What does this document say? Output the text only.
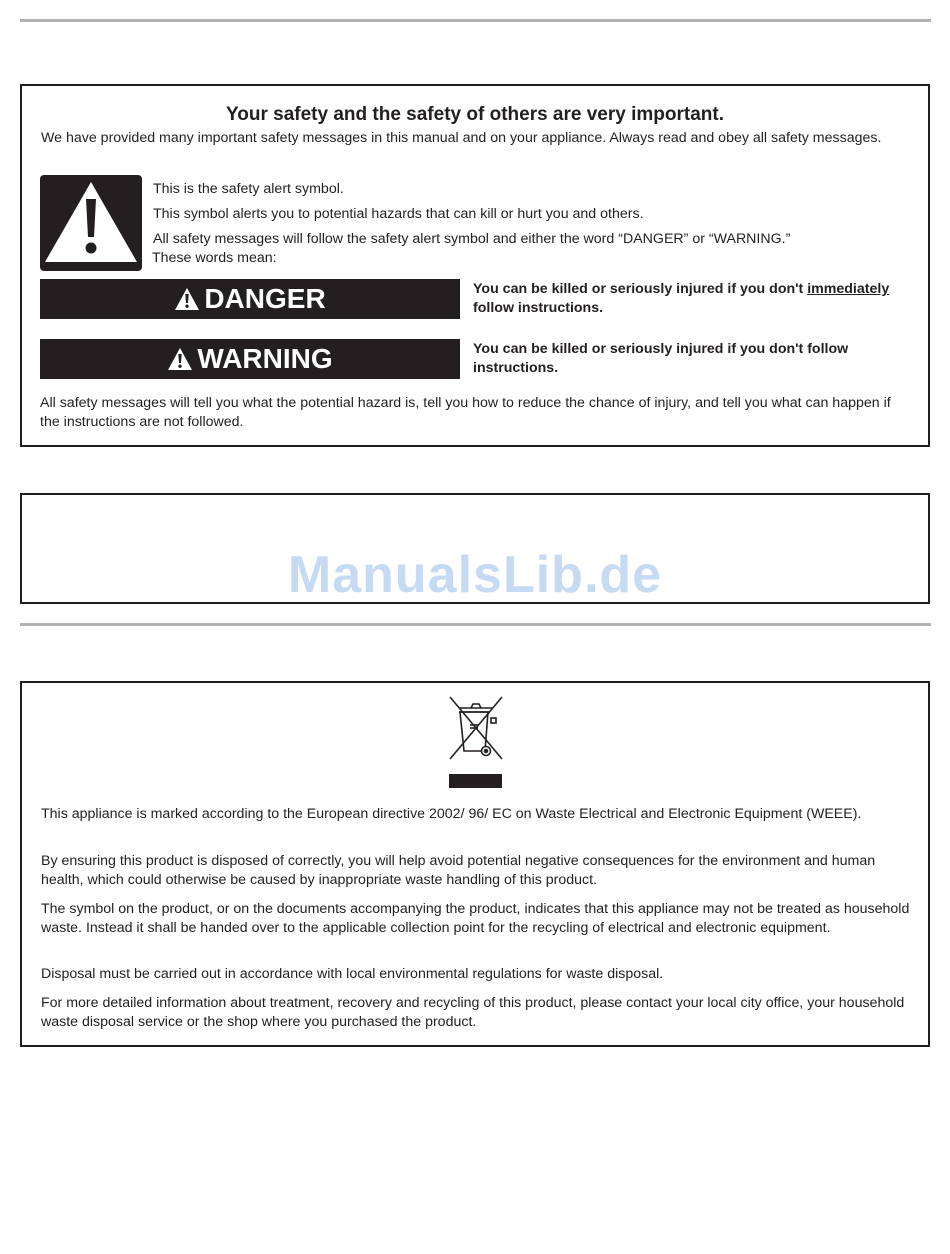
Your safety and the safety of others are very important.
We have provided many important safety messages in this manual and on your appliance. Always read and obey all safety messages.

This is the safety alert symbol.

This symbol alerts you to potential hazards that can kill or hurt you and others.

All safety messages will follow the safety alert symbol and either the word “DANGER” or “WARNING.”

These words mean:

DANGER	You can be killed or seriously injured if you don't immediately follow instructions.
WARNING	You can be killed or seriously injured if you don't follow instructions.
All safety messages will tell you what the potential hazard is, tell you how to reduce the chance of injury, and tell you what can happen if the instructions are not followed.
ManualsLib.de

This appliance is marked according to the European directive 2002/ 96/ EC on Waste Electrical and Electronic Equipment (WEEE).

By ensuring this product is disposed of correctly, you will help avoid potential negative consequences for the environment and human health, which could otherwise be caused by inappropriate waste handling of this product.

The symbol on the product, or on the documents accompanying the product, indicates that this appliance may not be treated as household waste. Instead it shall be handed over to the applicable collection point for the recycling of electrical and electronic equipment.

Disposal must be carried out in accordance with local environmental regulations for waste disposal.

For more detailed information about treatment, recovery and recycling of this product, please contact your local city office, your household waste disposal service or the shop where you purchased the product.
